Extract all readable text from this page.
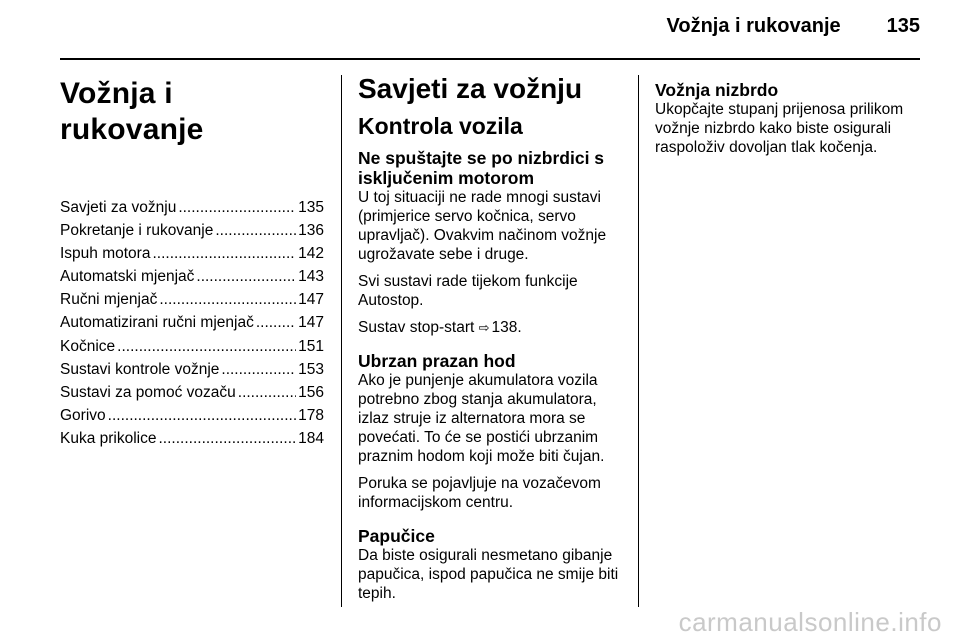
Vožnja i rukovanje 135
Vožnja i rukovanje
Savjeti za vožnju .....	135
Pokretanje i rukovanje .....	136
Ispuh motora .....	142
Automatski mjenjač .....	143
Ručni mjenjač .....	147
Automatizirani ručni mjenjač .....	147
Kočnice .....	151
Sustavi kontrole vožnje .....	153
Sustavi za pomoć vozaču .....	156
Gorivo .....	178
Kuka prikolice .....	184
Savjeti za vožnju
Kontrola vozila
Ne spuštajte se po nizbrdici s isključenim motorom

U toj situaciji ne rade mnogi sustavi (primjerice servo kočnica, servo upravljač). Ovakvim načinom vožnje ugrožavate sebe i druge.

Svi sustavi rade tijekom funkcije Autostop.

Sustav stop-start ⇨ 138.

Ubrzan prazan hod

Ako je punjenje akumulatora vozila potrebno zbog stanja akumulatora, izlaz struje iz alternatora mora se povećati. To će se postići ubrzanim praznim hodom koji može biti čujan.

Poruka se pojavljuje na vozačevom informacijskom centru.

Papučice

Da biste osigurali nesmetano gibanje papučica, ispod papučica ne smije biti tepih.

Vožnja nizbrdo

Ukopčajte stupanj prijenosa prilikom vožnje nizbrdo kako biste osigurali raspoloživ dovoljan tlak kočenja.

carmanualsonline.info
